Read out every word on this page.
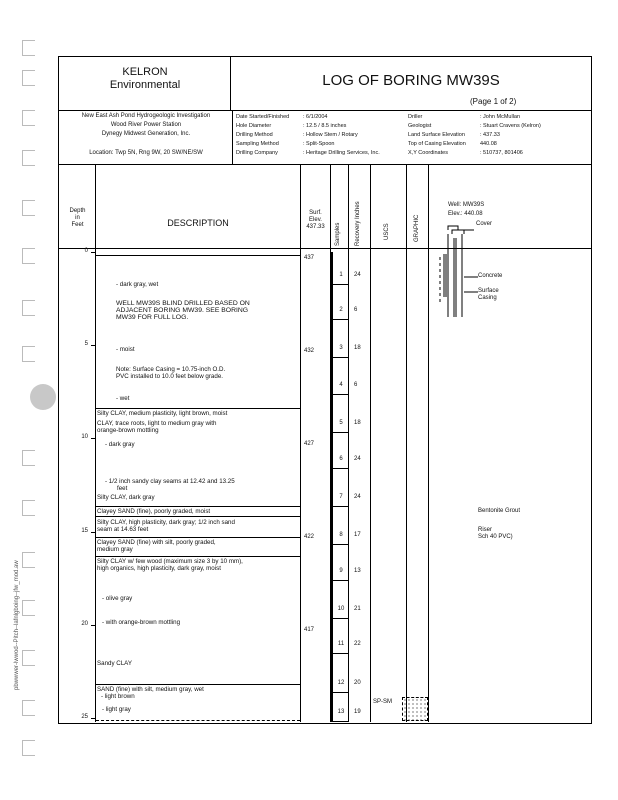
pbwwwer-lwwod--Pitch--lafnlgboing--jfw_mod.aw
KELRON
Environmental	LOG OF BORING MW39S
(Page 1 of 2)
New East Ash Pond Hydrogeologic Investigation
Wood River Power Station
Dynegy Midwest Generation, Inc.
Location: Twp 5N, Rng 9W, 20 SW/NE/SW
Date Started/Finished	: 6/1/2004
Hole Diameter	: 12.5 / 8.5 inches
Drilling Method	: Hollow Stem / Rotary
Sampling Method	: Split-Spoon
Drilling Company	: Heritage Drilling Services, Inc.
Driller	: John McMullan
Geologist	: Stuart Cravens (Kelron)
Land Surface Elevation	: 437.33
Top of Casing Elevation	440.08
X,Y Coordinates	: 510737, 801406
Depth
in
Feet	DESCRIPTION
Surf.
Elev.
437.33	Samples Recovery Inches	USCS	GRAPHIC
Well: MW39S
Elev.: 440.08
Cover
Concrete
Surface
Casing
Bentonite Grout
Riser
Sch 40 PVC)
0
5
10
15
20
25
437
432
427
422
417
1	24
2	6
3	18
4	6
5	18
6	24
7	24
8	17
9	13
10	21
11	22
12	20
13	19
- dark gray, wet
WELL MW39S BLIND DRILLED BASED ON
ADJACENT BORING MW39. SEE BORING
MW39 FOR FULL LOG.
- moist
Note: Surface Casing = 10.75-inch O.D.
PVC installed to 10.0 feet below grade.
- wet
Silty CLAY, medium plasticity, light brown, moist
CLAY, trace roots, light to medium gray with
orange-brown mottling
- dark gray
- 1/2 inch sandy clay seams at 12.42 and 13.25
feet
Silty CLAY, dark gray
Clayey SAND (fine), poorly graded, moist
Silty CLAY, high plasticity, dark gray; 1/2 inch sand
seam at 14.63 feet
Clayey SAND (fine) with silt, poorly graded,
medium gray
Silty CLAY w/ few wood (maximum size 3 by 10 mm),
high organics, high plasticity, dark gray, moist
- olive gray
- with orange-brown mottling
Sandy CLAY
SAND (fine) with silt, medium gray, wet
- light brown
- light gray
SP-SM
